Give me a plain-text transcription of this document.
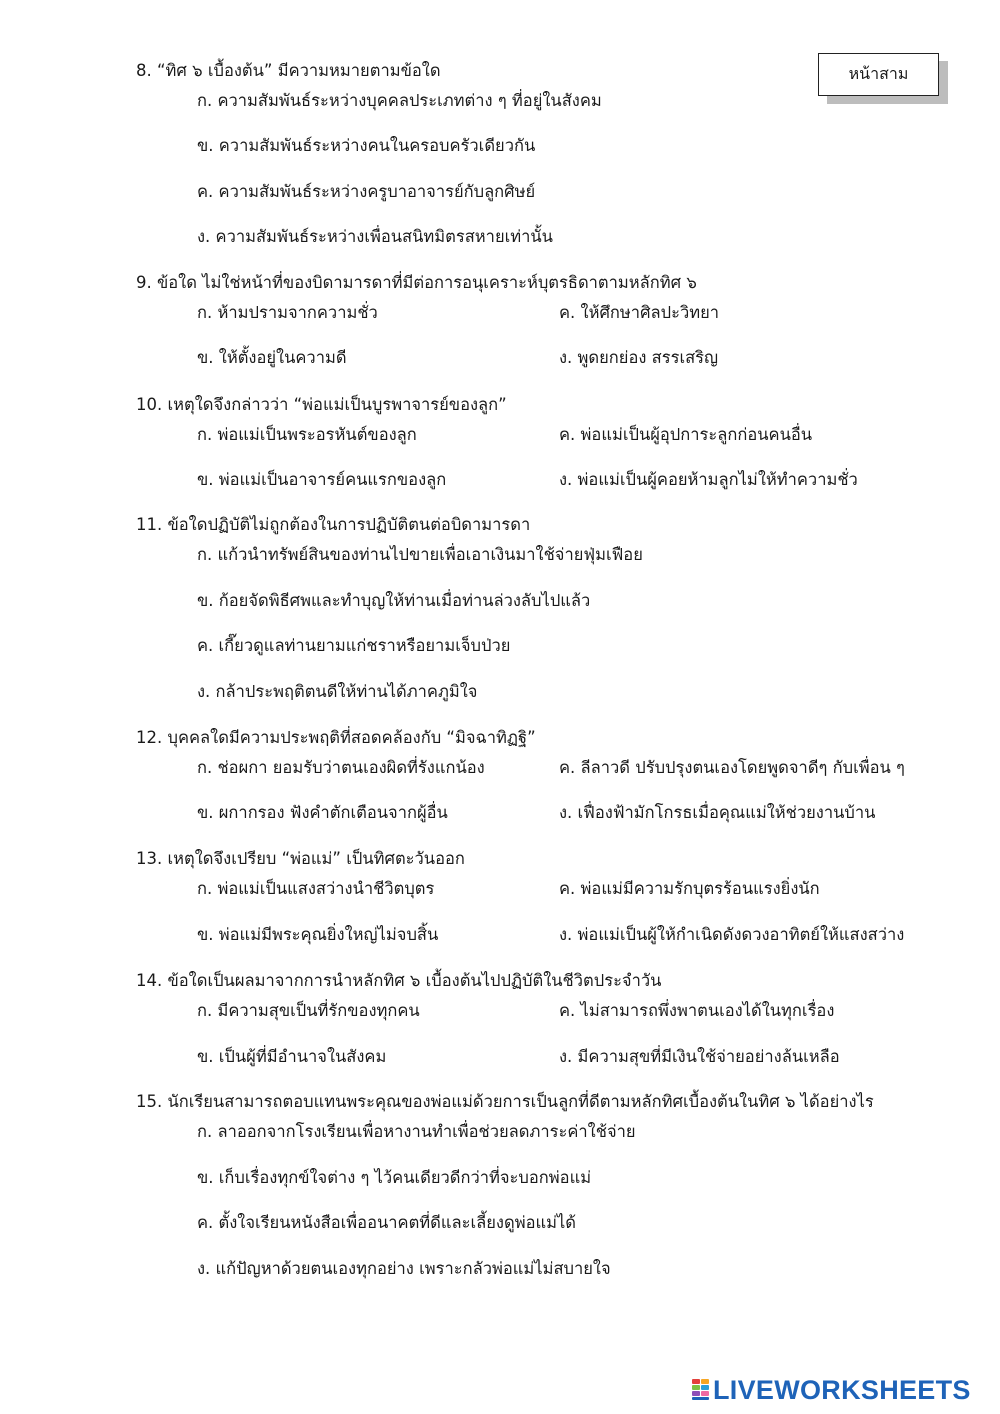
หน้าสาม
8. “ทิศ ๖ เบื้องต้น” มีความหมายตามข้อใด
ก. ความสัมพันธ์ระหว่างบุคคลประเภทต่าง ๆ ที่อยู่ในสังคม
ข. ความสัมพันธ์ระหว่างคนในครอบครัวเดียวกัน
ค. ความสัมพันธ์ระหว่างครูบาอาจารย์กับลูกศิษย์
ง. ความสัมพันธ์ระหว่างเพื่อนสนิทมิตรสหายเท่านั้น
9. ข้อใด ไม่ใช่หน้าที่ของบิดามารดาที่มีต่อการอนุเคราะห์บุตรธิดาตามหลักทิศ ๖
ก. ห้ามปรามจากความชั่ว	ค. ให้ศึกษาศิลปะวิทยา
ข. ให้ตั้งอยู่ในความดี	ง. พูดยกย่อง สรรเสริญ
10. เหตุใดจึงกล่าวว่า “พ่อแม่เป็นบูรพาจารย์ของลูก”
ก. พ่อแม่เป็นพระอรหันต์ของลูก	ค. พ่อแม่เป็นผู้อุปการะลูกก่อนคนอื่น
ข. พ่อแม่เป็นอาจารย์คนแรกของลูก	ง. พ่อแม่เป็นผู้คอยห้ามลูกไม่ให้ทำความชั่ว
11. ข้อใดปฏิบัติไม่ถูกต้องในการปฏิบัติตนต่อบิดามารดา
ก. แก้วนำทรัพย์สินของท่านไปขายเพื่อเอาเงินมาใช้จ่ายฟุ่มเฟือย
ข. ก้อยจัดพิธีศพและทำบุญให้ท่านเมื่อท่านล่วงลับไปแล้ว
ค. เกี๊ยวดูแลท่านยามแก่ชราหรือยามเจ็บป่วย
ง. กล้าประพฤติตนดีให้ท่านได้ภาคภูมิใจ
12. บุคคลใดมีความประพฤติที่สอดคล้องกับ “มิจฉาทิฏฐิ”
ก. ช่อผกา ยอมรับว่าตนเองผิดที่รังแกน้อง	ค. ลีลาวดี ปรับปรุงตนเองโดยพูดจาดีๆ กับเพื่อน ๆ
ข. ผกากรอง ฟังคำตักเตือนจากผู้อื่น	ง. เฟื่องฟ้ามักโกรธเมื่อคุณแม่ให้ช่วยงานบ้าน
13. เหตุใดจึงเปรียบ “พ่อแม่” เป็นทิศตะวันออก
ก. พ่อแม่เป็นแสงสว่างนำชีวิตบุตร	ค. พ่อแม่มีความรักบุตรร้อนแรงยิ่งนัก
ข. พ่อแม่มีพระคุณยิ่งใหญ่ไม่จบสิ้น	ง. พ่อแม่เป็นผู้ให้กำเนิดดังดวงอาทิตย์ให้แสงสว่าง
14. ข้อใดเป็นผลมาจากการนำหลักทิศ ๖ เบื้องต้นไปปฏิบัติในชีวิตประจำวัน
ก. มีความสุขเป็นที่รักของทุกคน	ค. ไม่สามารถพึ่งพาตนเองได้ในทุกเรื่อง
ข. เป็นผู้ที่มีอำนาจในสังคม	ง. มีความสุขที่มีเงินใช้จ่ายอย่างล้นเหลือ
15. นักเรียนสามารถตอบแทนพระคุณของพ่อแม่ด้วยการเป็นลูกที่ดีตามหลักทิศเบื้องต้นในทิศ ๖ ได้อย่างไร
ก. ลาออกจากโรงเรียนเพื่อหางานทำเพื่อช่วยลดภาระค่าใช้จ่าย
ข. เก็บเรื่องทุกข์ใจต่าง ๆ ไว้คนเดียวดีกว่าที่จะบอกพ่อแม่
ค. ตั้งใจเรียนหนังสือเพื่ออนาคตที่ดีและเลี้ยงดูพ่อแม่ได้
ง. แก้ปัญหาด้วยตนเองทุกอย่าง เพราะกลัวพ่อแม่ไม่สบายใจ
LIVEWORKSHEETS
